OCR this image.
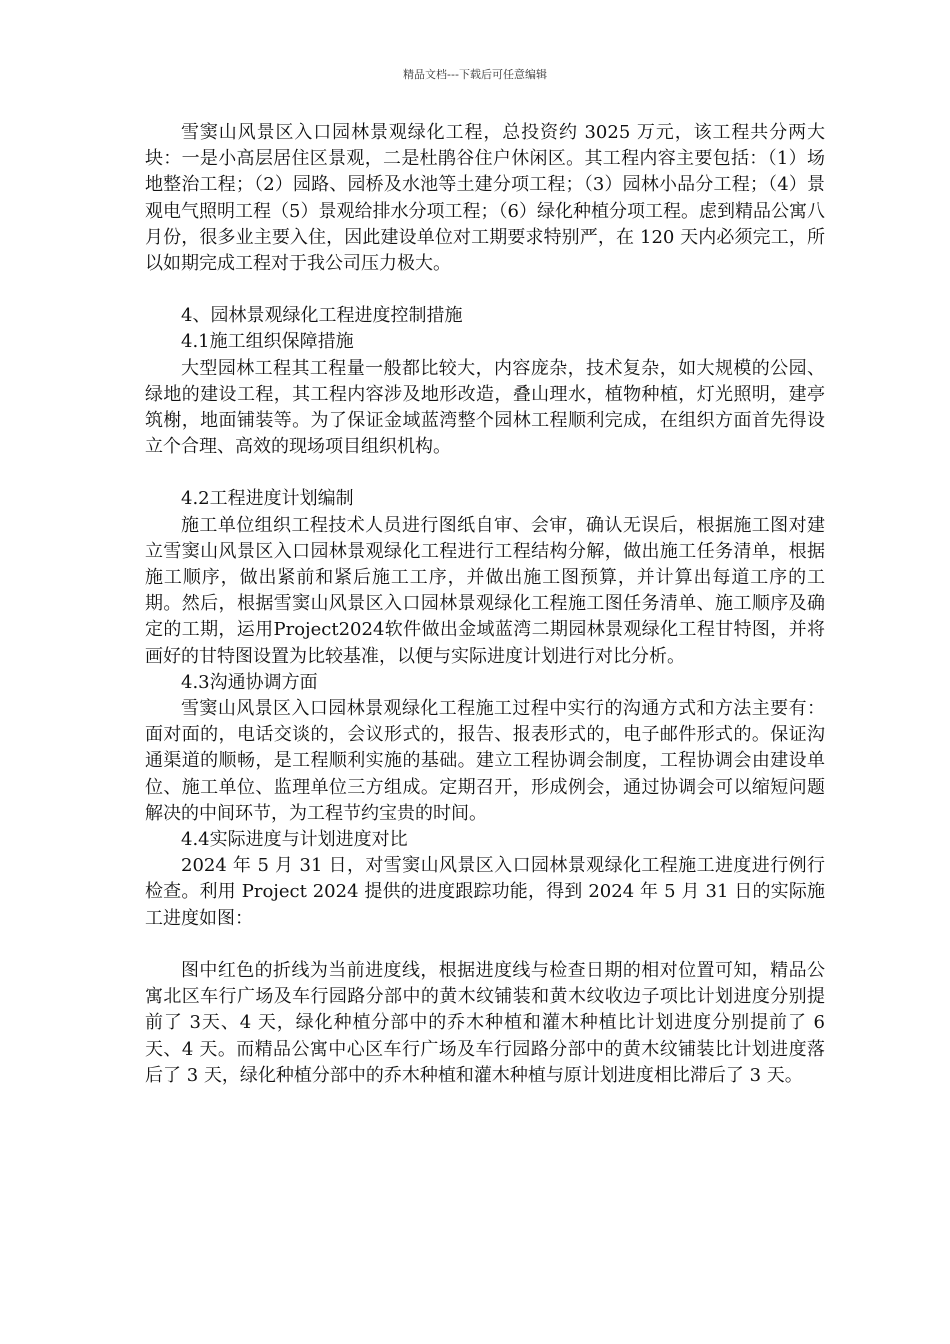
精品文档---下载后可任意编辑

雪窦山风景区入口园林景观绿化工程，总投资约 3025 万元，该工程共分两大块：一是小高层居住区景观，二是杜鹃谷住户休闲区。其工程内容主要包括：（1）场地整治工程；（2）园路、园桥及水池等土建分项工程；（3）园林小品分工程；（4）景观电气照明工程（5）景观给排水分项工程；（6）绿化种植分项工程。虑到精品公寓八月份，很多业主要入住，因此建设单位对工期要求特别严，在 120 天内必须完工，所以如期完成工程对于我公司压力极大。

4、园林景观绿化工程进度控制措施

4.1施工组织保障措施

大型园林工程其工程量一般都比较大，内容庞杂，技术复杂，如大规模的公园、绿地的建设工程，其工程内容涉及地形改造，叠山理水，植物种植，灯光照明，建亭筑榭，地面铺装等。为了保证金域蓝湾整个园林工程顺利完成，在组织方面首先得设立个合理、高效的现场项目组织机构。

4.2工程进度计划编制

施工单位组织工程技术人员进行图纸自审、会审，确认无误后，根据施工图对建立雪窦山风景区入口园林景观绿化工程进行工程结构分解，做出施工任务清单，根据施工顺序，做出紧前和紧后施工工序，并做出施工图预算，并计算出每道工序的工期。然后，根据雪窦山风景区入口园林景观绿化工程施工图任务清单、施工顺序及确定的工期，运用Project2024软件做出金域蓝湾二期园林景观绿化工程甘特图，并将画好的甘特图设置为比较基准，以便与实际进度计划进行对比分析。

4.3沟通协调方面

雪窦山风景区入口园林景观绿化工程施工过程中实行的沟通方式和方法主要有：面对面的，电话交谈的，会议形式的，报告、报表形式的，电子邮件形式的。保证沟通渠道的顺畅，是工程顺利实施的基础。建立工程协调会制度，工程协调会由建设单位、施工单位、监理单位三方组成。定期召开，形成例会，通过协调会可以缩短问题解决的中间环节，为工程节约宝贵的时间。

4.4实际进度与计划进度对比

2024 年 5 月 31 日，对雪窦山风景区入口园林景观绿化工程施工进度进行例行检查。利用 Project 2024 提供的进度跟踪功能，得到 2024 年 5 月 31 日的实际施工进度如图：

图中红色的折线为当前进度线，根据进度线与检查日期的相对位置可知，精品公寓北区车行广场及车行园路分部中的黄木纹铺装和黄木纹收边子项比计划进度分别提前了 3天、4 天，绿化种植分部中的乔木种植和灌木种植比计划进度分别提前了 6 天、4 天。而精品公寓中心区车行广场及车行园路分部中的黄木纹铺装比计划进度落后了 3 天，绿化种植分部中的乔木种植和灌木种植与原计划进度相比滞后了 3 天。
